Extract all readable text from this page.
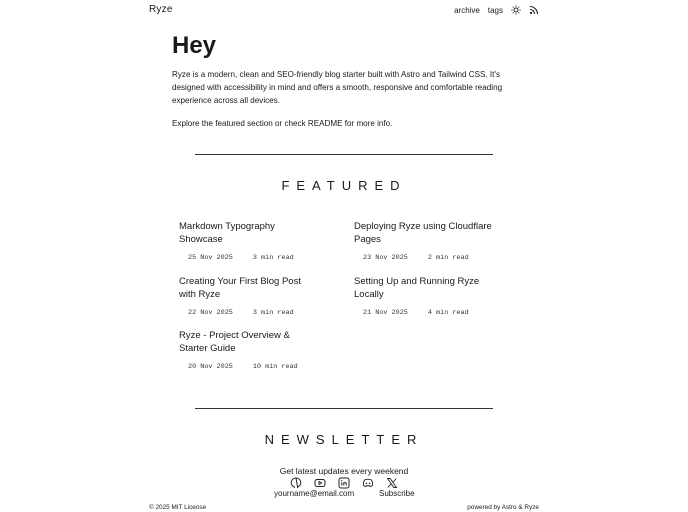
Ryze	archive tags
Hey

Ryze is a modern, clean and SEO-friendly blog starter built with Astro and Tailwind CSS. It's designed with accessibility in mind and offers a smooth, responsive and comfortable reading experience across all devices.

Explore the featured section or check README for more info.

FEATURED
Markdown Typography Showcase
25 Nov 2025	3 min read
Deploying Ryze using Cloudflare Pages
23 Nov 2025	2 min read
Creating Your First Blog Post with Ryze
22 Nov 2025	3 min read
Setting Up and Running Ryze Locally
21 Nov 2025	4 min read
Ryze - Project Overview & Starter Guide
20 Nov 2025	10 min read
NEWSLETTER
Get latest updates every weekend
yourname@email.com	Subscribe
© 2025 MIT License	powered by Astro & Ryze
